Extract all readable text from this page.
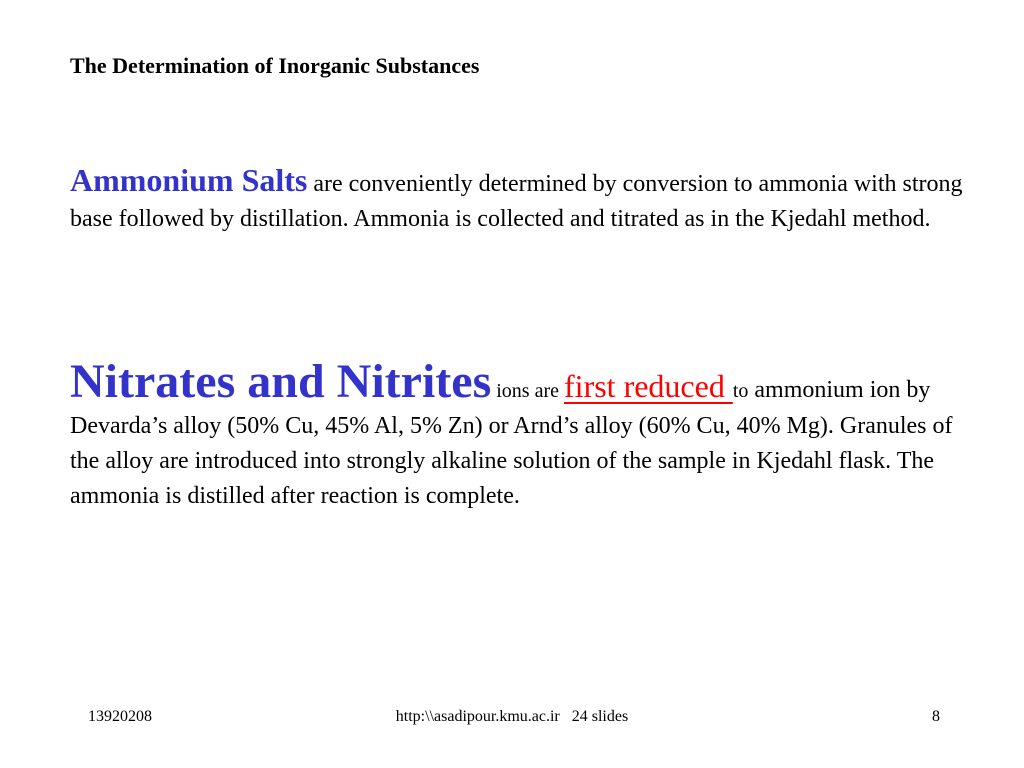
The Determination of Inorganic Substances

Ammonium Salts are conveniently determined by conversion to ammonia with strong base followed by distillation. Ammonia is collected and titrated as in the Kjedahl method.

Nitrates and Nitrites ions are first reduced to ammonium ion by Devarda’s alloy (50% Cu, 45% Al, 5% Zn) or Arnd’s alloy (60% Cu, 40% Mg). Granules of the alloy are introduced into strongly alkaline solution of the sample in Kjedahl flask. The ammonia is distilled after reaction is complete.

13920208	http:\\asadipour.kmu.ac.ir   24 slides	8
